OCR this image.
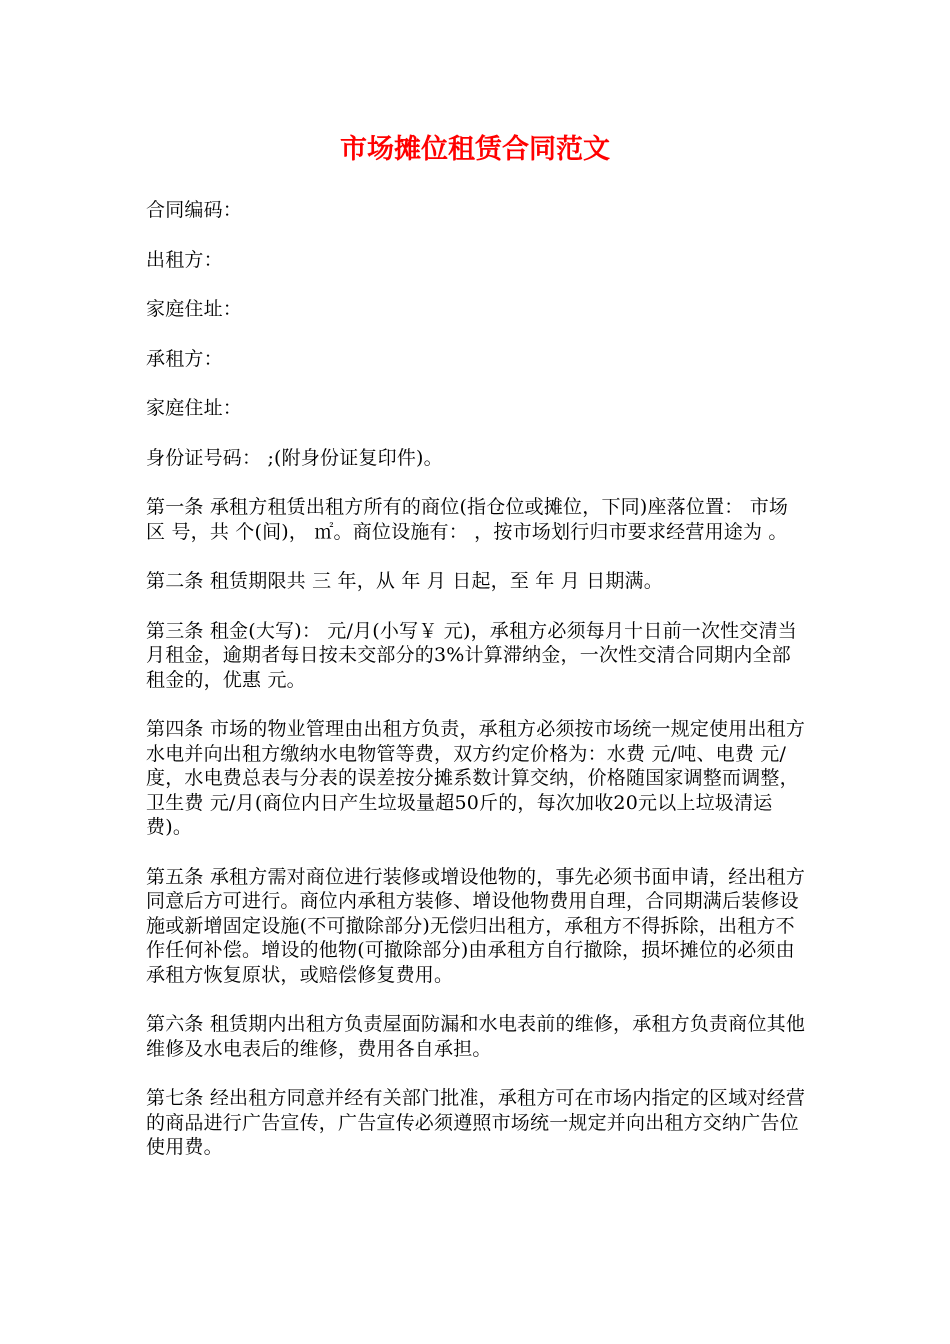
市场摊位租赁合同范文

合同编码：

出租方：

家庭住址：

承租方：

家庭住址：

身份证号码： ;(附身份证复印件)。

第一条 承租方租赁出租方所有的商位(指仓位或摊位，下同)座落位置： 市场 区 号，共 个(间)， ㎡。商位设施有： ，按市场划行归市要求经营用途为 。

第二条 租赁期限共 三 年，从 年 月 日起，至 年 月 日期满。

第三条 租金(大写)： 元/月(小写￥ 元)，承租方必须每月十日前一次性交清当月租金，逾期者每日按未交部分的3%计算滞纳金，一次性交清合同期内全部租金的，优惠 元。

第四条 市场的物业管理由出租方负责，承租方必须按市场统一规定使用出租方水电并向出租方缴纳水电物管等费，双方约定价格为：水费 元/吨、电费 元/度，水电费总表与分表的误差按分摊系数计算交纳，价格随国家调整而调整，卫生费 元/月(商位内日产生垃圾量超50斤的，每次加收20元以上垃圾清运费)。

第五条 承租方需对商位进行装修或增设他物的，事先必须书面申请，经出租方同意后方可进行。商位内承租方装修、增设他物费用自理，合同期满后装修设施或新增固定设施(不可撤除部分)无偿归出租方，承租方不得拆除，出租方不作任何补偿。增设的他物(可撤除部分)由承租方自行撤除，损坏摊位的必须由承租方恢复原状，或赔偿修复费用。

第六条 租赁期内出租方负责屋面防漏和水电表前的维修，承租方负责商位其他维修及水电表后的维修，费用各自承担。

第七条 经出租方同意并经有关部门批准，承租方可在市场内指定的区域对经营的商品进行广告宣传，广告宣传必须遵照市场统一规定并向出租方交纳广告位使用费。
